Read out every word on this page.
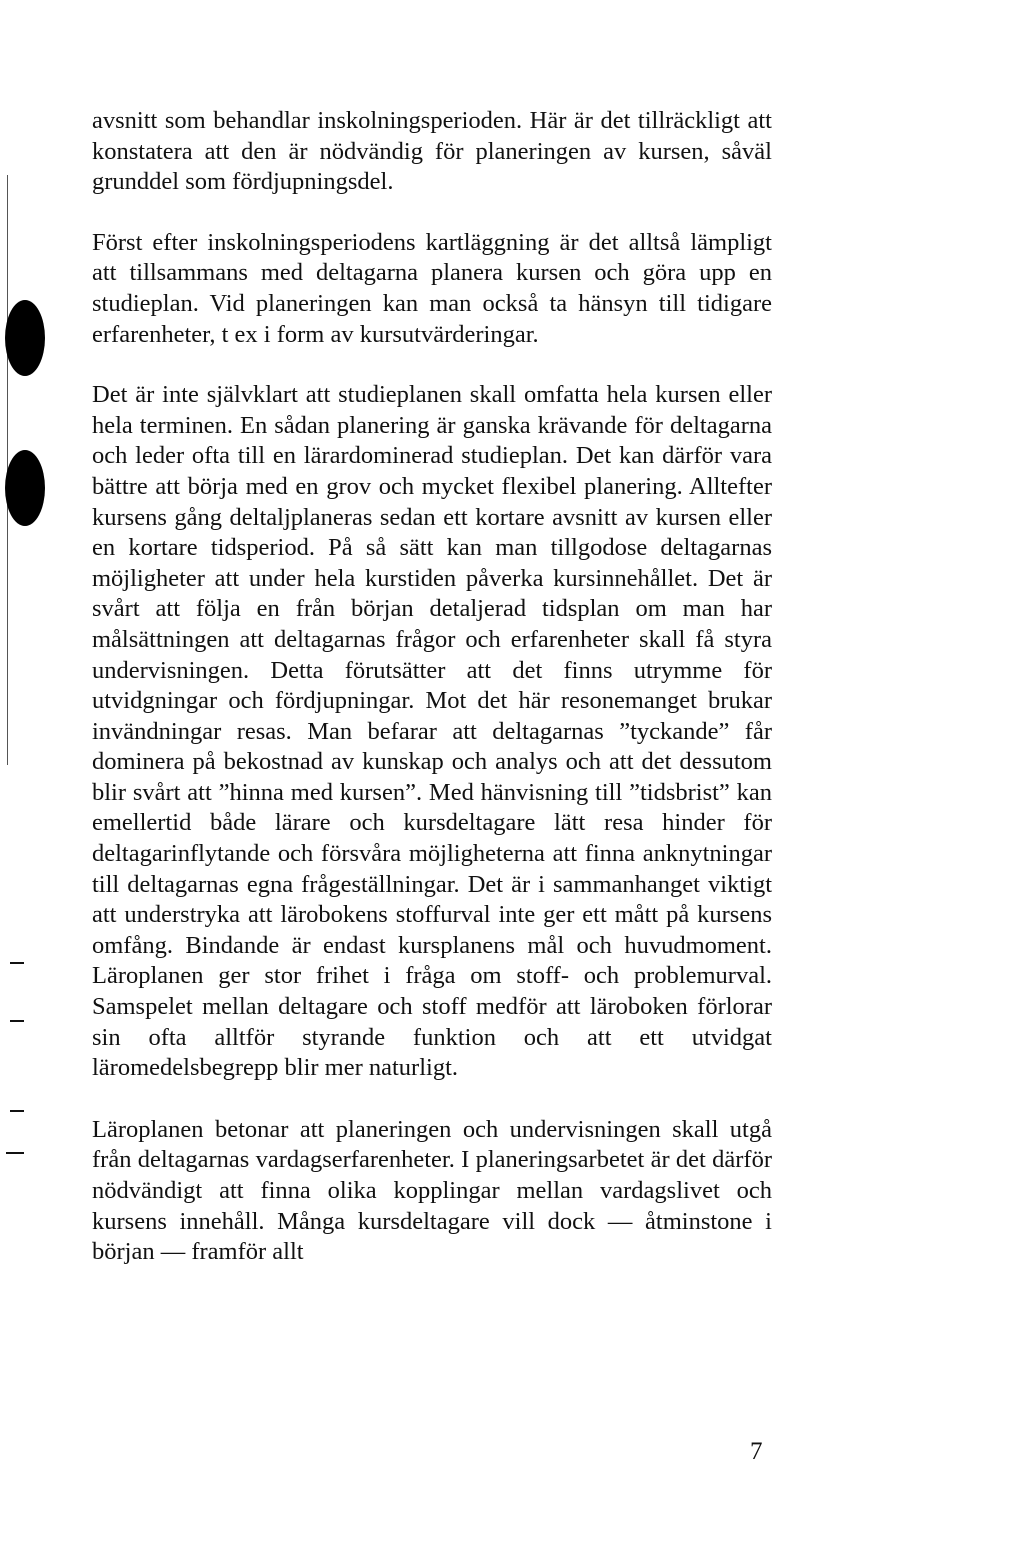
avsnitt som behandlar inskolningsperioden. Här är det tillräckligt att konstatera att den är nödvändig för planeringen av kursen, såväl grunddel som fördjupningsdel.

Först efter inskolningsperiodens kartläggning är det alltså lämpligt att tillsammans med deltagarna planera kursen och göra upp en studieplan. Vid planeringen kan man också ta hänsyn till tidigare erfarenheter, t ex i form av kursutvärderingar.

Det är inte självklart att studieplanen skall omfatta hela kursen eller hela terminen. En sådan planering är ganska krävande för deltagarna och leder ofta till en lärardominerad studieplan. Det kan därför vara bättre att börja med en grov och mycket flexibel planering. Alltefter kursens gång deltaljplaneras sedan ett kortare avsnitt av kursen eller en kortare tidsperiod. På så sätt kan man tillgodose deltagarnas möjligheter att under hela kurstiden påverka kursinnehållet. Det är svårt att följa en från början detaljerad tidsplan om man har målsättningen att deltagarnas frågor och erfarenheter skall få styra undervisningen. Detta förutsätter att det finns utrymme för utvidgningar och fördjupningar. Mot det här resonemanget brukar invändningar resas. Man befarar att deltagarnas ”tyckande” får dominera på bekostnad av kunskap och analys och att det dessutom blir svårt att ”hinna med kursen”. Med hänvisning till ”tidsbrist” kan emellertid både lärare och kursdeltagare lätt resa hinder för deltagarinflytande och försvåra möjligheterna att finna anknytningar till deltagarnas egna frågeställningar. Det är i sammanhanget viktigt att understryka att lärobokens stoffurval inte ger ett mått på kursens omfång. Bindande är endast kursplanens mål och huvudmoment. Läroplanen ger stor frihet i fråga om stoff- och problemurval. Samspelet mellan deltagare och stoff medför att läroboken förlorar sin ofta alltför styrande funktion och att ett utvidgat läromedelsbegrepp blir mer naturligt.

Läroplanen betonar att planeringen och undervisningen skall utgå från deltagarnas vardagserfarenheter. I planeringsarbetet är det därför nödvändigt att finna olika kopplingar mellan vardagslivet och kursens innehåll. Många kursdeltagare vill dock — åtminstone i början — framför allt

7
